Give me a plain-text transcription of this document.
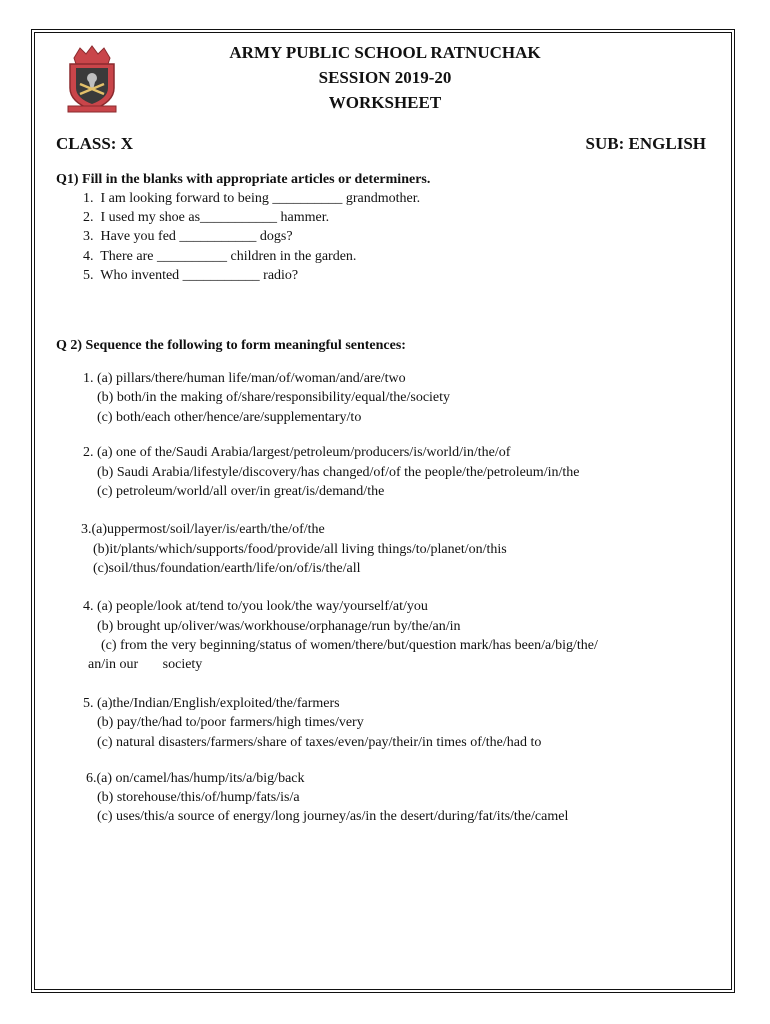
ARMY PUBLIC SCHOOL RATNUCHAK
SESSION 2019-20
WORKSHEET
CLASS: X	SUB: ENGLISH
Q1) Fill in the blanks with appropriate articles or determiners.
1.  I am looking forward to being __________ grandmother.
2.  I used my shoe as___________ hammer.
3.  Have you fed ___________ dogs?
4.  There are __________ children in the garden.
5.  Who invented ___________ radio?
Q 2) Sequence the following to form meaningful sentences:
1. (a) pillars/there/human life/man/of/woman/and/are/two
(b) both/in the making of/share/responsibility/equal/the/society
(c) both/each other/hence/are/supplementary/to
2. (a) one of the/Saudi Arabia/largest/petroleum/producers/is/world/in/the/of
(b) Saudi Arabia/lifestyle/discovery/has changed/of/of the people/the/petroleum/in/the
(c) petroleum/world/all over/in great/is/demand/the
3.(a)uppermost/soil/layer/is/earth/the/of/the
(b)it/plants/which/supports/food/provide/all living things/to/planet/on/this
(c)soil/thus/foundation/earth/life/on/of/is/the/all
4. (a) people/look at/tend to/you look/the way/yourself/at/you
(b) brought up/oliver/was/workhouse/orphanage/run by/the/an/in
(c) from the very beginning/status of women/there/but/question mark/has been/a/big/the/
an/in our       society
5. (a)the/Indian/English/exploited/the/farmers
(b) pay/the/had to/poor farmers/high times/very
(c) natural disasters/farmers/share of taxes/even/pay/their/in times of/the/had to
6.(a) on/camel/has/hump/its/a/big/back
(b) storehouse/this/of/hump/fats/is/a
(c) uses/this/a source of energy/long journey/as/in the desert/during/fat/its/the/camel
